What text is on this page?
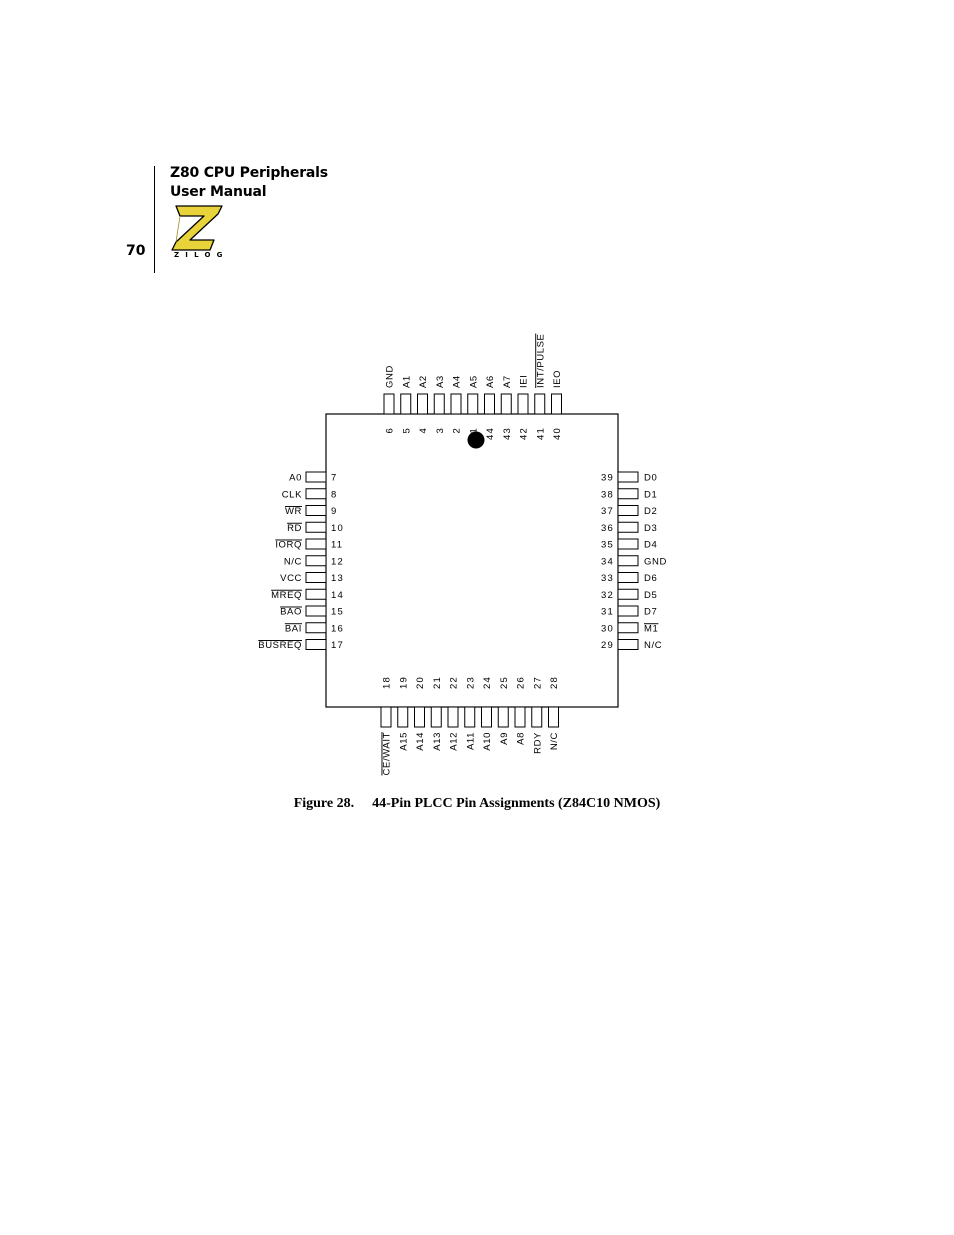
Z80 CPU Peripherals
User Manual
70	ZILOG
6
GND
5
A1
4
A2
3
A3
2
A4
1
A5
44
A6
43
A7
42
IEI
41
INT/PULSE
40
IEO
18
CE/WAIT
19
A15
20
A14
21
A13
22
A12
23
A11
24
A10
25
A9
26
A8
27
RDY
28
N/C
7
A0
8
CLK
9
WR
10
RD
11
IORQ
12
N/C
13
VCC
14
MREQ
15
BAO
16
BAI
17
BUSREQ
39	D0
38	D1
37	D2
36	D3
35	D4
34	GND
33	D6
32	D5
31	D7
30	M1
29	N/C
Figure 28. 44-Pin PLCC Pin Assignments (Z84C10 NMOS)
